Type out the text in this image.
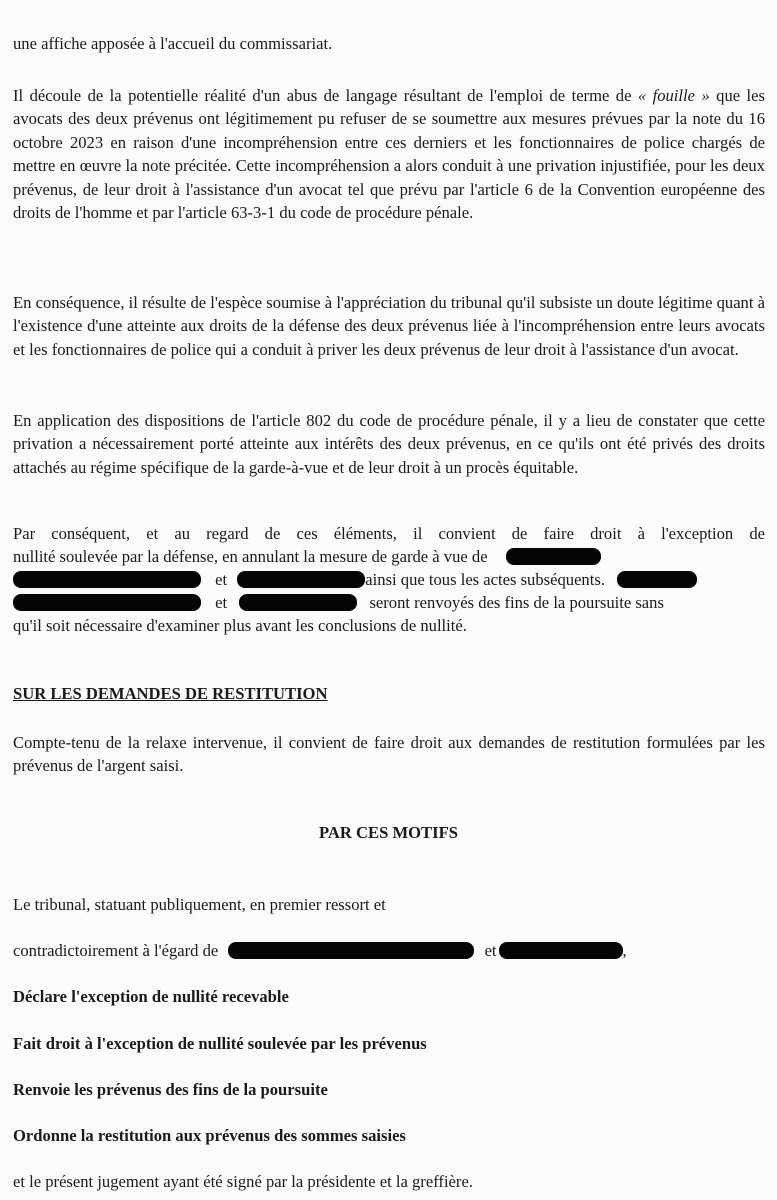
une affiche apposée à l'accueil du commissariat.

Il découle de la potentielle réalité d'un abus de langage résultant de l'emploi de terme de « fouille » que les avocats des deux prévenus ont légitimement pu refuser de se soumettre aux mesures prévues par la note du 16 octobre 2023 en raison d'une incompréhension entre ces derniers et les fonctionnaires de police chargés de mettre en œuvre la note précitée. Cette incompréhension a alors conduit à une privation injustifiée, pour les deux prévenus, de leur droit à l'assistance d'un avocat tel que prévu par l'article 6 de la Convention européenne des droits de l'homme et par l'article 63-3-1 du code de procédure pénale.

En conséquence, il résulte de l'espèce soumise à l'appréciation du tribunal qu'il subsiste un doute légitime quant à l'existence d'une atteinte aux droits de la défense des deux prévenus liée à l'incompréhension entre leurs avocats et les fonctionnaires de police qui a conduit à priver les deux prévenus de leur droit à l'assistance d'un avocat.

En application des dispositions de l'article 802 du code de procédure pénale, il y a lieu de constater que cette privation a nécessairement porté atteinte aux intérêts des deux prévenus, en ce qu'ils ont été privés des droits attachés au régime spécifique de la garde-à-vue et de leur droit à un procès équitable.

Par conséquent, et au regard de ces éléments, il convient de faire droit à l'exception de

nullité soulevée par la défense, en annulant la mesure de garde à vue de

et	ainsi que tous les actes subséquents.

et	seront renvoyés des fins de la poursuite sans

qu'il soit nécessaire d'examiner plus avant les conclusions de nullité.

SUR LES DEMANDES DE RESTITUTION

Compte-tenu de la relaxe intervenue, il convient de faire droit aux demandes de restitution formulées par les prévenus de l'argent saisi.

PAR CES MOTIFS

Le tribunal, statuant publiquement, en premier ressort et

contradictoirement à l'égard de	et	,

Déclare l'exception de nullité recevable

Fait droit à l'exception de nullité soulevée par les prévenus

Renvoie les prévenus des fins de la poursuite

Ordonne la restitution aux prévenus des sommes saisies

et le présent jugement ayant été signé par la présidente et la greffière.
